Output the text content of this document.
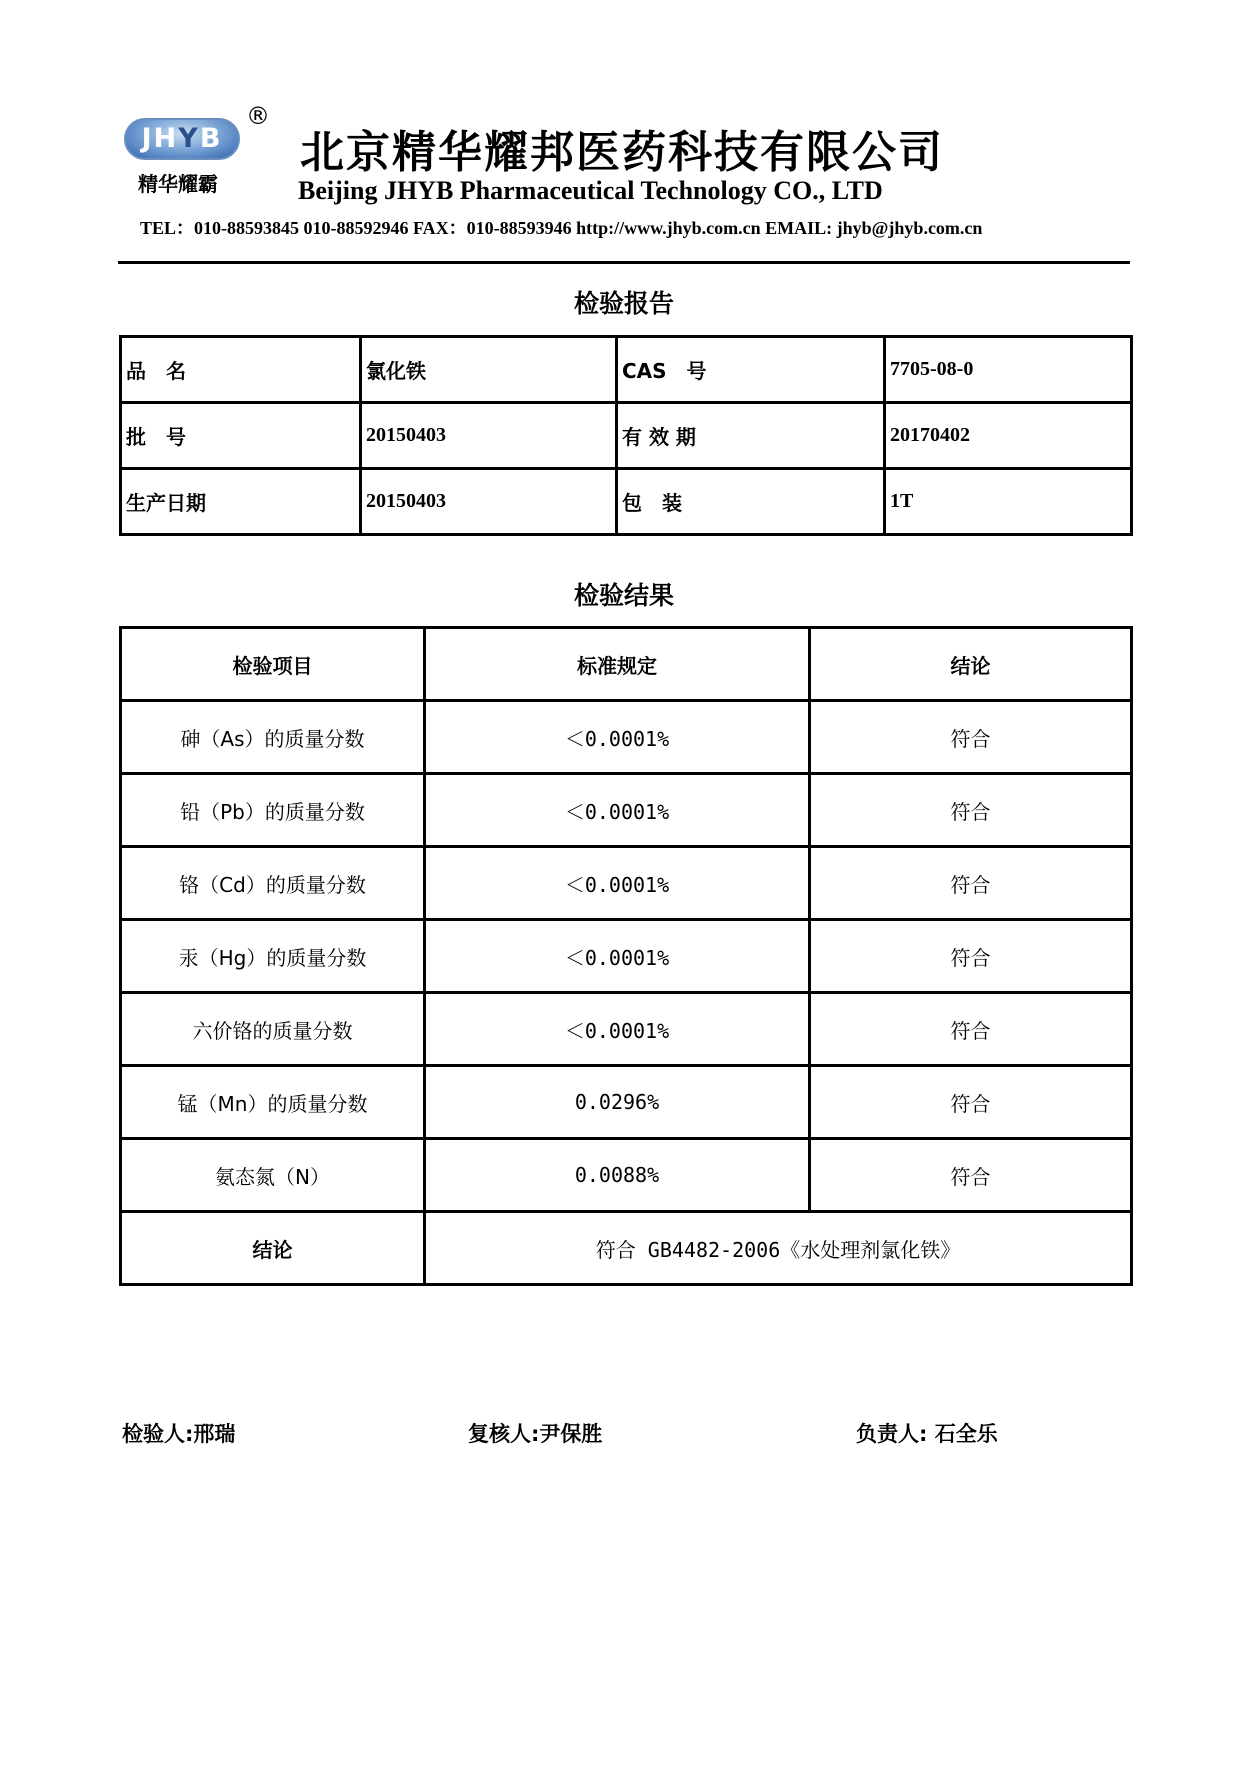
JHYB
®
精华耀霸
北京精华耀邦医药科技有限公司
Beijing JHYB Pharmaceutical Technology CO., LTD
TEL：010-88593845 010-88592946 FAX：010-88593946 http://www.jhyb.com.cn EMAIL: jhyb@jhyb.com.cn
检验报告
品　名	氯化铁	CAS　号	7705-08-0
批　号	20150403	有 效 期	20170402
生产日期	20150403	包　装	1T
检验结果
检验项目	标准规定	结论
砷（As）的质量分数	＜0.0001%	符合
铅（Pb）的质量分数	＜0.0001%	符合
铬（Cd）的质量分数	＜0.0001%	符合
汞（Hg）的质量分数	＜0.0001%	符合
六价铬的质量分数	＜0.0001%	符合
锰（Mn）的质量分数	0.0296%	符合
氨态氮（N）	0.0088%	符合
结论	符合 GB4482-2006《水处理剂氯化铁》	
检验人:邢瑞	复核人:尹保胜	负责人: 石全乐
